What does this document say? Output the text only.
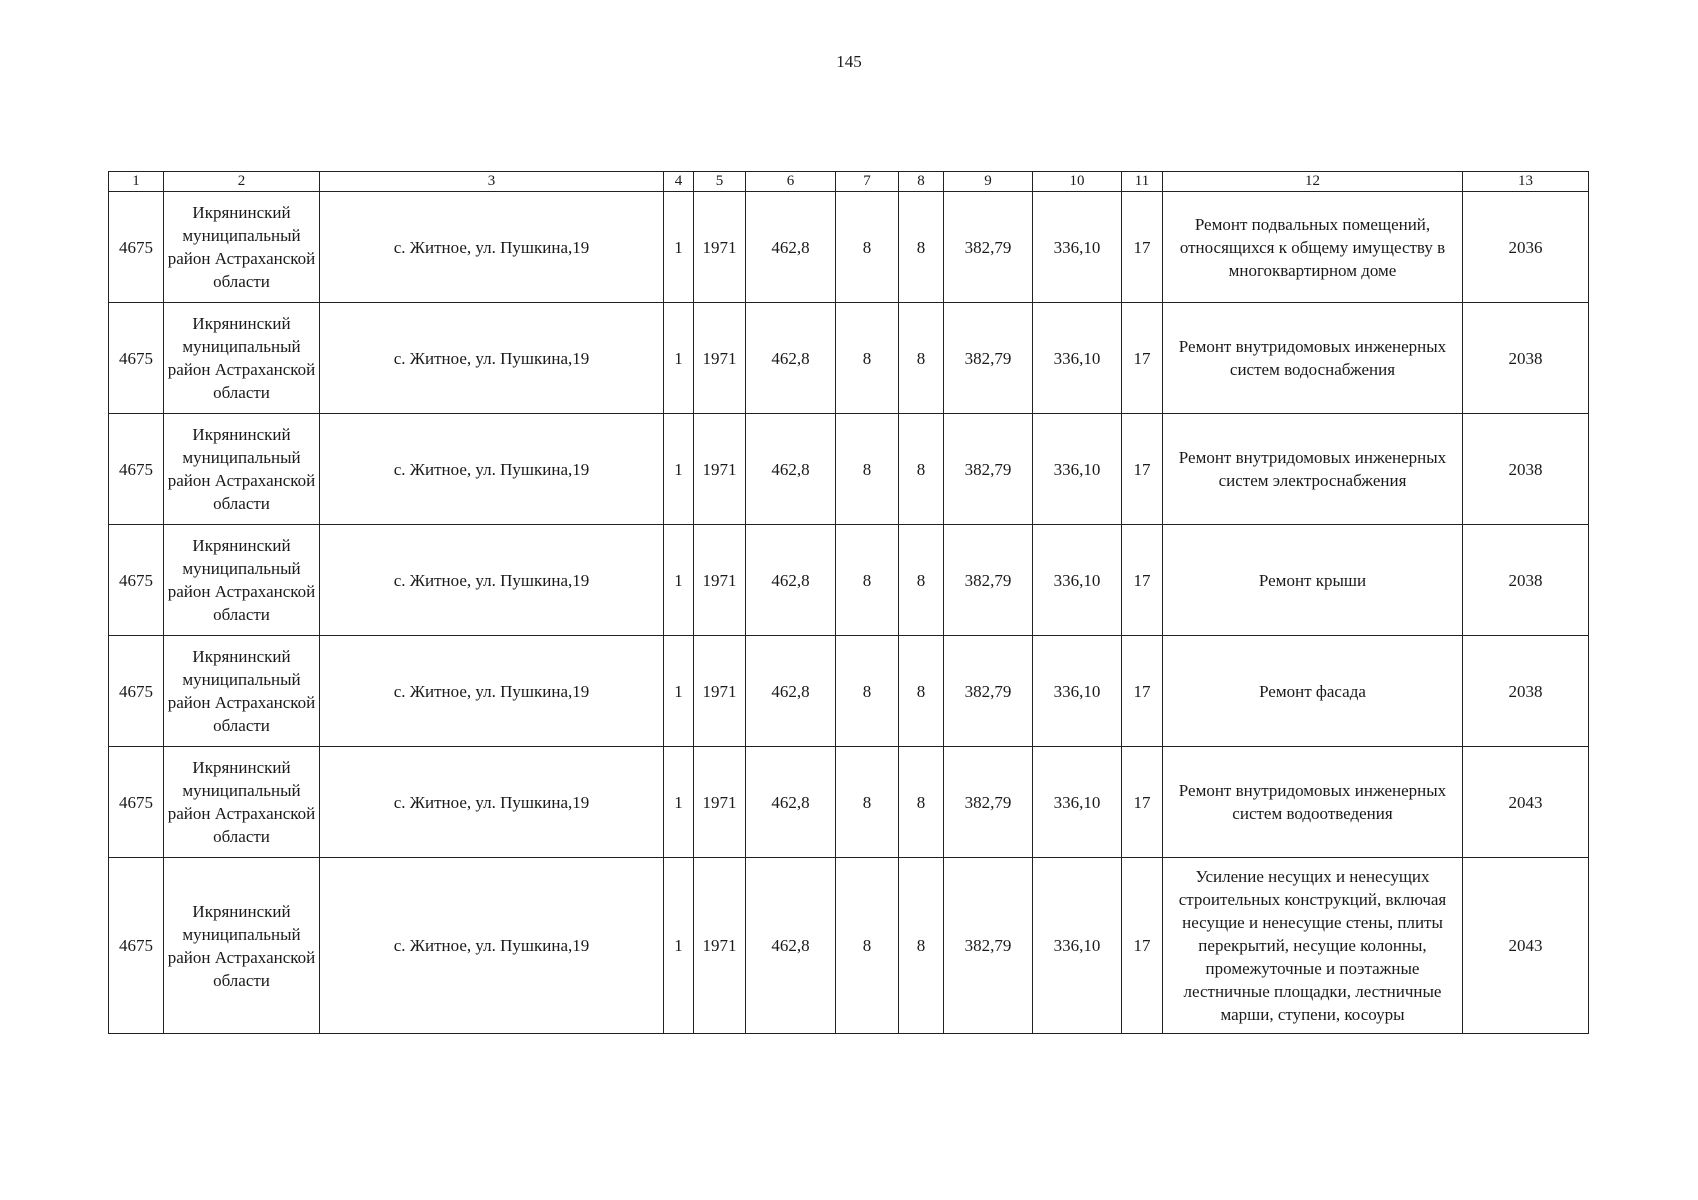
145
1	2	3	4	5	6	7	8	9	10	11	12	13
4675	Икрянинский муниципальный район Астраханской области	с. Житное, ул. Пушкина,19	1	1971	462,8	8	8	382,79	336,10	17	Ремонт подвальных помещений, относящихся к общему имуществу в многоквартирном доме	2036
4675	Икрянинский муниципальный район Астраханской области	с. Житное, ул. Пушкина,19	1	1971	462,8	8	8	382,79	336,10	17	Ремонт внутридомовых инженерных систем водоснабжения	2038
4675	Икрянинский муниципальный район Астраханской области	с. Житное, ул. Пушкина,19	1	1971	462,8	8	8	382,79	336,10	17	Ремонт внутридомовых инженерных систем электроснабжения	2038
4675	Икрянинский муниципальный район Астраханской области	с. Житное, ул. Пушкина,19	1	1971	462,8	8	8	382,79	336,10	17	Ремонт крыши	2038
4675	Икрянинский муниципальный район Астраханской области	с. Житное, ул. Пушкина,19	1	1971	462,8	8	8	382,79	336,10	17	Ремонт фасада	2038
4675	Икрянинский муниципальный район Астраханской области	с. Житное, ул. Пушкина,19	1	1971	462,8	8	8	382,79	336,10	17	Ремонт внутридомовых инженерных систем водоотведения	2043
4675	Икрянинский муниципальный район Астраханской области	с. Житное, ул. Пушкина,19	1	1971	462,8	8	8	382,79	336,10	17	Усиление несущих и ненесущих строительных конструкций, включая несущие и ненесущие стены, плиты перекрытий, несущие колонны, промежуточные и поэтажные лестничные площадки, лестничные марши, ступени, косоуры	2043
